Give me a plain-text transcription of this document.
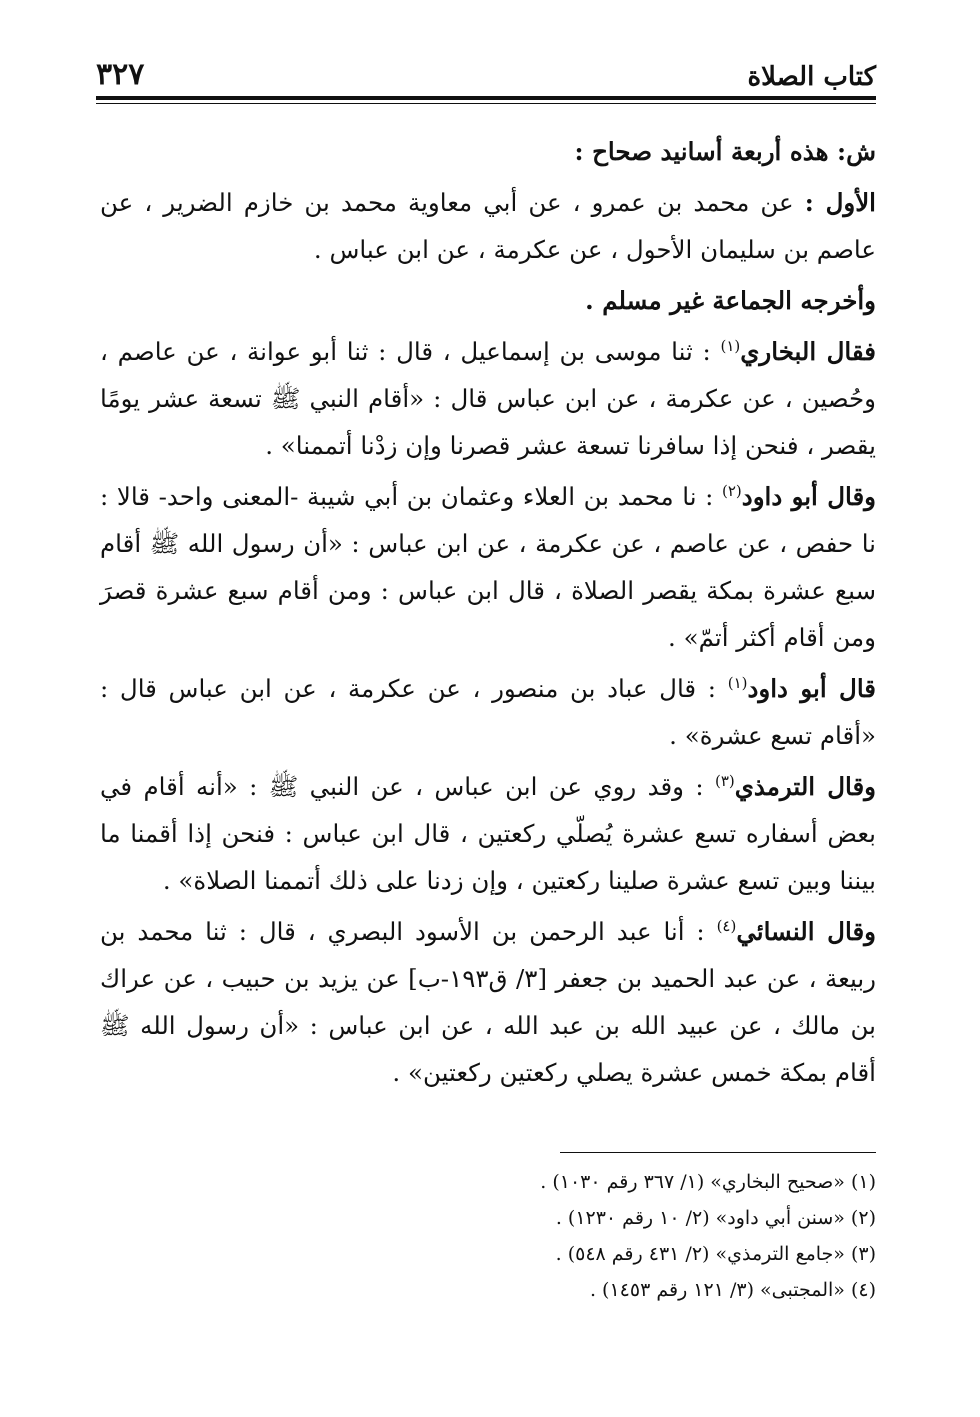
كتاب الصلاة
٣٢٧

ش: هذه أربعة أسانيد صحاح :

الأول : عن محمد بن عمرو ، عن أبي معاوية محمد بن خازم الضرير ، عن عاصم بن سليمان الأحول ، عن عكرمة ، عن ابن عباس .

وأخرجه الجماعة غير مسلم .

فقال البخاري$^{(١)}$ : ثنا موسى بن إسماعيل ، قال : ثنا أبو عوانة ، عن عاصم ، وحُصين ، عن عكرمة ، عن ابن عباس قال : «أقام النبي ﷺ تسعة عشر يومًا يقصر ، فنحن إذا سافرنا تسعة عشر قصرنا وإن زدْنا أتممنا» .

وقال أبو داود$^{(٢)}$ : نا محمد بن العلاء وعثمان بن أبي شيبة -المعنى واحد- قالا : نا حفص ، عن عاصم ، عن عكرمة ، عن ابن عباس : «أن رسول الله ﷺ أقام سبع عشرة بمكة يقصر الصلاة ، قال ابن عباس : ومن أقام سبع عشرة قصرَ ومن أقام أكثر أتمّ» .

قال أبو داود$^{(١)}$ : قال عباد بن منصور ، عن عكرمة ، عن ابن عباس قال : «أقام تسع عشرة» .

وقال الترمذي$^{(٣)}$ : وقد روي عن ابن عباس ، عن النبي ﷺ : «أنه أقام في بعض أسفاره تسع عشرة يُصلّي ركعتين ، قال ابن عباس : فنحن إذا أقمنا ما بيننا وبين تسع عشرة صلينا ركعتين ، وإن زدنا على ذلك أتممنا الصلاة» .

وقال النسائي$^{(٤)}$ : أنا عبد الرحمن بن الأسود البصري ، قال : ثنا محمد بن ربيعة ، عن عبد الحميد بن جعفر [٣/ ق١٩٣-ب] عن يزيد بن حبيب ، عن عراك بن مالك ، عن عبيد الله بن عبد الله ، عن ابن عباس : «أن رسول الله ﷺ أقام بمكة خمس عشرة يصلي ركعتين ركعتين» .

(١) «صحيح البخاري» (١/ ٣٦٧ رقم ١٠٣٠) .
(٢) «سنن أبي داود» (٢/ ١٠ رقم ١٢٣٠) .
(٣) «جامع الترمذي» (٢/ ٤٣١ رقم ٥٤٨) .
(٤) «المجتبى» (٣/ ١٢١ رقم ١٤٥٣) .
